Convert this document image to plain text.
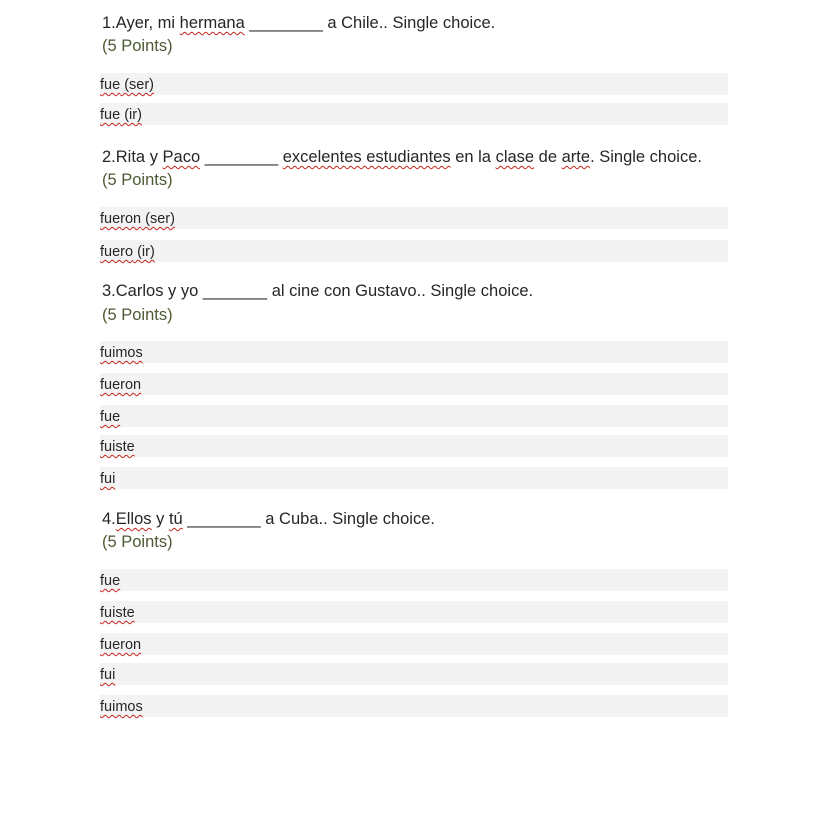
1.Ayer, mi hermana ________ a Chile.. Single choice.
(5 Points)
fue (ser)
fue (ir)
2.Rita y Paco ________ excelentes estudiantes en la clase de arte. Single choice.
(5 Points)
fueron (ser)
fuero (ir)
3.Carlos y yo _______ al cine con Gustavo.. Single choice.
(5 Points)
fuimos
fueron
fue
fuiste
fui
4.Ellos y tú ________ a Cuba.. Single choice.
(5 Points)
fue
fuiste
fueron
fui
fuimos
